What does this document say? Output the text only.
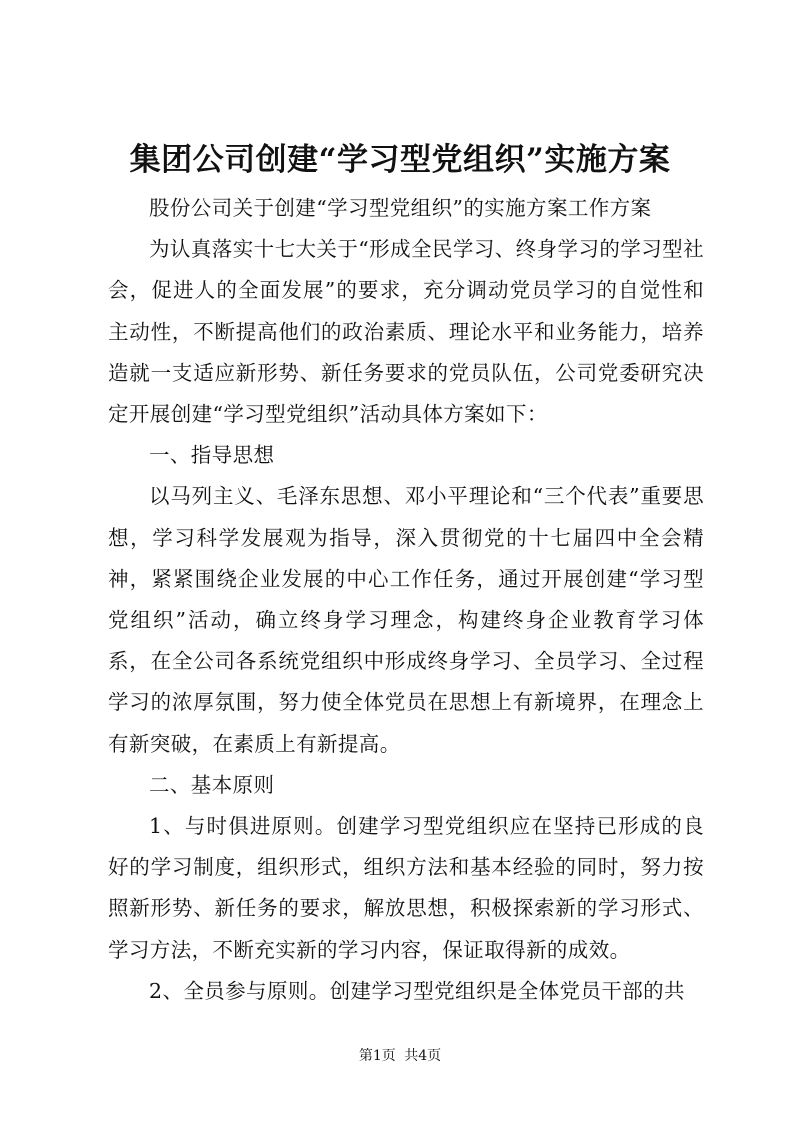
集团公司创建“学习型党组织”实施方案

股份公司关于创建“学习型党组织”的实施方案工作方案

为认真落实十七大关于“形成全民学习、终身学习的学习型社会，促进人的全面发展”的要求，充分调动党员学习的自觉性和主动性，不断提高他们的政治素质、理论水平和业务能力，培养造就一支适应新形势、新任务要求的党员队伍，公司党委研究决定开展创建“学习型党组织”活动具体方案如下：

一、指导思想

以马列主义、毛泽东思想、邓小平理论和“三个代表”重要思想，学习科学发展观为指导，深入贯彻党的十七届四中全会精神，紧紧围绕企业发展的中心工作任务，通过开展创建“学习型党组织”活动，确立终身学习理念，构建终身企业教育学习体系，在全公司各系统党组织中形成终身学习、全员学习、全过程学习的浓厚氛围，努力使全体党员在思想上有新境界，在理念上有新突破，在素质上有新提高。

二、基本原则

1、与时俱进原则。创建学习型党组织应在坚持已形成的良好的学习制度，组织形式，组织方法和基本经验的同时，努力按照新形势、新任务的要求，解放思想，积极探索新的学习形式、学习方法，不断充实新的学习内容，保证取得新的成效。

2、全员参与原则。创建学习型党组织是全体党员干部的共

第1页 共4页
